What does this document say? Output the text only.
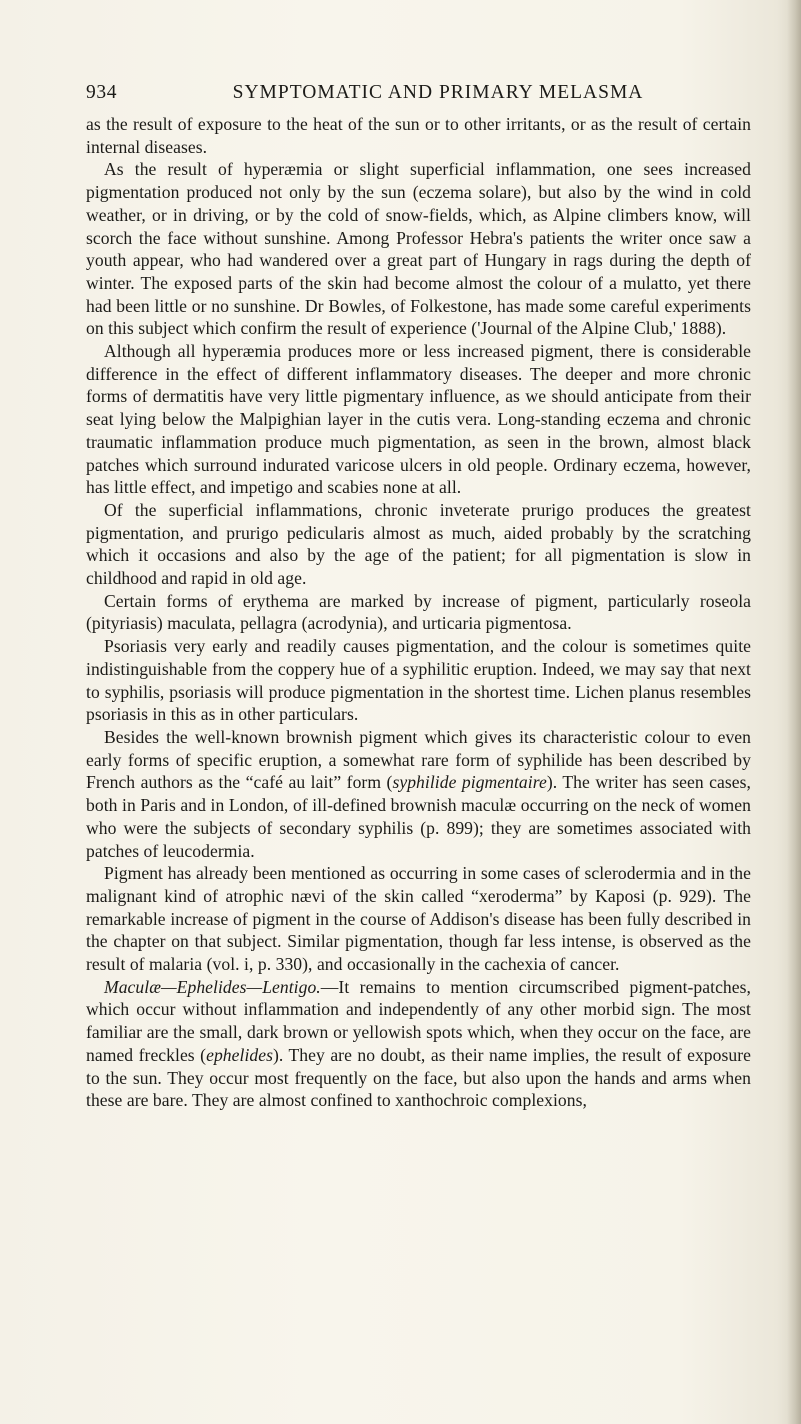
934	SYMPTOMATIC AND PRIMARY MELASMA

as the result of exposure to the heat of the sun or to other irritants, or as the result of certain internal diseases.

As the result of hyperæmia or slight superficial inflammation, one sees increased pigmentation produced not only by the sun (eczema solare), but also by the wind in cold weather, or in driving, or by the cold of snow-fields, which, as Alpine climbers know, will scorch the face without sunshine. Among Professor Hebra's patients the writer once saw a youth appear, who had wandered over a great part of Hungary in rags during the depth of winter. The exposed parts of the skin had become almost the colour of a mulatto, yet there had been little or no sunshine. Dr Bowles, of Folkestone, has made some careful experiments on this subject which confirm the result of experience ('Journal of the Alpine Club,' 1888).

Although all hyperæmia produces more or less increased pigment, there is considerable difference in the effect of different inflammatory diseases. The deeper and more chronic forms of dermatitis have very little pigmentary influence, as we should anticipate from their seat lying below the Malpighian layer in the cutis vera. Long-standing eczema and chronic traumatic inflammation produce much pigmentation, as seen in the brown, almost black patches which surround indurated varicose ulcers in old people. Ordinary eczema, however, has little effect, and impetigo and scabies none at all.

Of the superficial inflammations, chronic inveterate prurigo produces the greatest pigmentation, and prurigo pedicularis almost as much, aided probably by the scratching which it occasions and also by the age of the patient; for all pigmentation is slow in childhood and rapid in old age.

Certain forms of erythema are marked by increase of pigment, particularly roseola (pityriasis) maculata, pellagra (acrodynia), and urticaria pigmentosa.

Psoriasis very early and readily causes pigmentation, and the colour is sometimes quite indistinguishable from the coppery hue of a syphilitic eruption. Indeed, we may say that next to syphilis, psoriasis will produce pigmentation in the shortest time. Lichen planus resembles psoriasis in this as in other particulars.

Besides the well-known brownish pigment which gives its characteristic colour to even early forms of specific eruption, a somewhat rare form of syphilide has been described by French authors as the “café au lait” form (syphilide pigmentaire). The writer has seen cases, both in Paris and in London, of ill-defined brownish maculæ occurring on the neck of women who were the subjects of secondary syphilis (p. 899); they are sometimes associated with patches of leucodermia.

Pigment has already been mentioned as occurring in some cases of sclerodermia and in the malignant kind of atrophic nævi of the skin called “xeroderma” by Kaposi (p. 929). The remarkable increase of pigment in the course of Addison's disease has been fully described in the chapter on that subject. Similar pigmentation, though far less intense, is observed as the result of malaria (vol. i, p. 330), and occasionally in the cachexia of cancer.

Maculæ—Ephelides—Lentigo.—It remains to mention circumscribed pigment-patches, which occur without inflammation and independently of any other morbid sign. The most familiar are the small, dark brown or yellowish spots which, when they occur on the face, are named freckles (ephelides). They are no doubt, as their name implies, the result of exposure to the sun. They occur most frequently on the face, but also upon the hands and arms when these are bare. They are almost confined to xanthochroic complexions,
